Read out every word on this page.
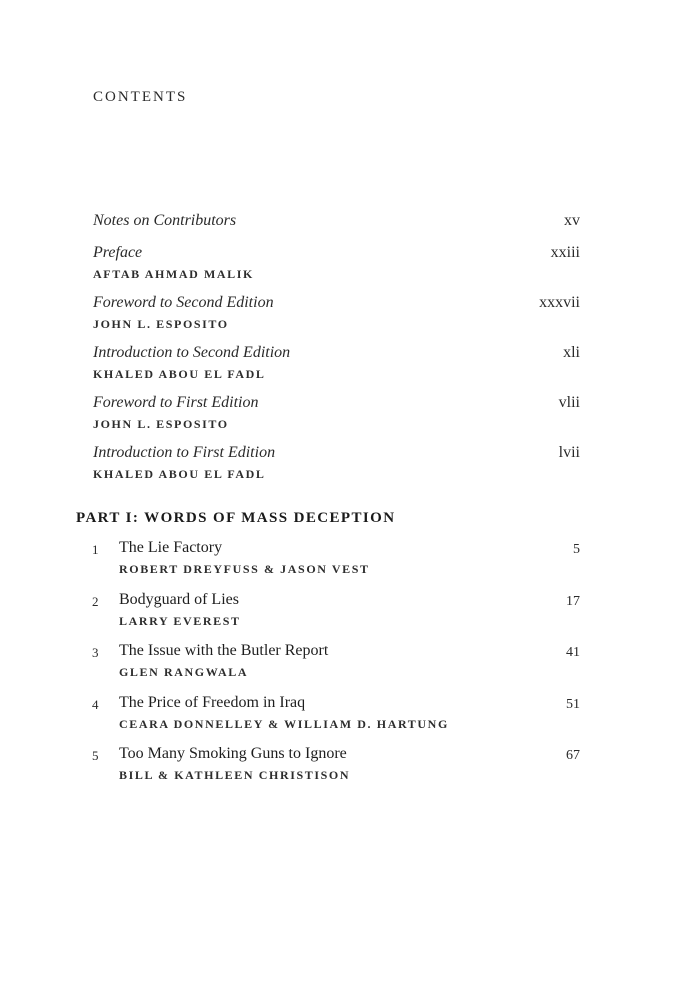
CONTENTS
Notes on Contributors	xv
Preface
AFTAB AHMAD MALIK
xxiii
Foreword to Second Edition
JOHN L. ESPOSITO
xxxvii
Introduction to Second Edition
KHALED ABOU EL FADL
xli
Foreword to First Edition
JOHN L. ESPOSITO
vlii
Introduction to First Edition
KHALED ABOU EL FADL
lvii
PART I: WORDS OF MASS DECEPTION
1 The Lie Factory
ROBERT DREYFUSS & JASON VEST
5
2 Bodyguard of Lies
LARRY EVEREST
17
3 The Issue with the Butler Report
GLEN RANGWALA
41
4 The Price of Freedom in Iraq
CEARA DONNELLEY & WILLIAM D. HARTUNG
51
5 Too Many Smoking Guns to Ignore
BILL & KATHLEEN CHRISTISON
67
